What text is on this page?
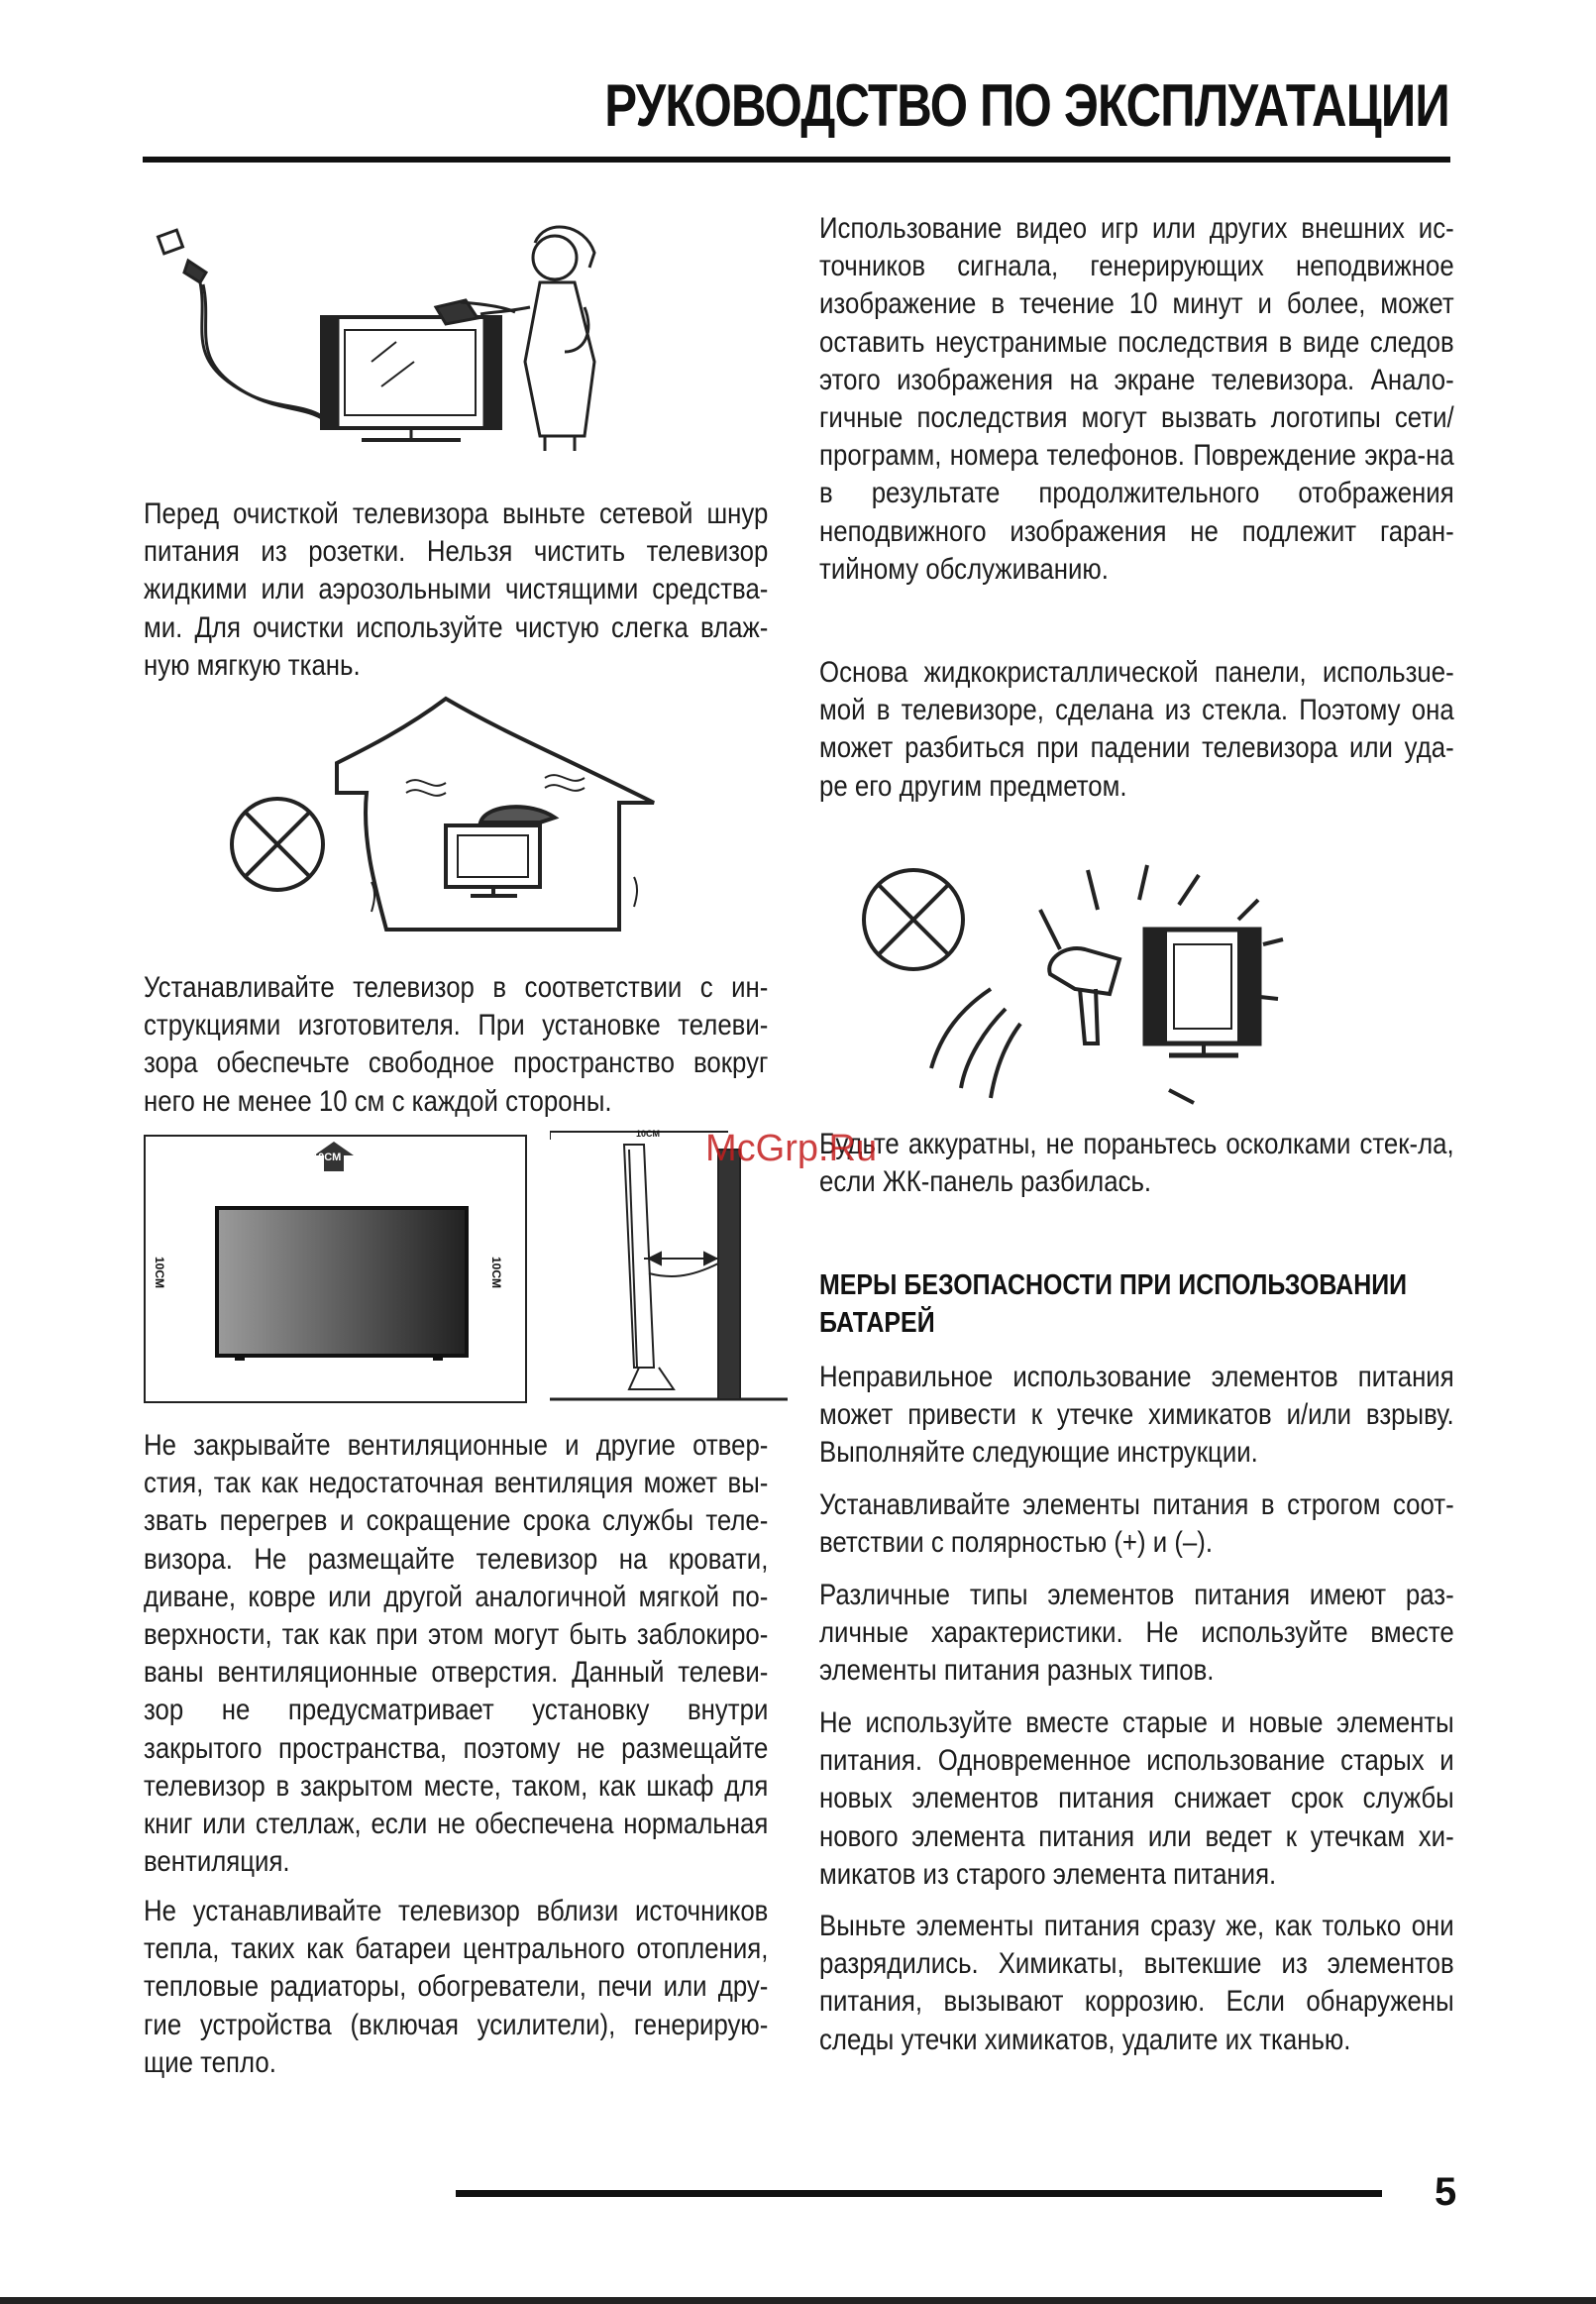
РУКОВОДСТВО ПО ЭКСПЛУАТАЦИИ

Перед очисткой телевизора выньте сетевой шнур питания из розетки. Нельзя чистить телевизор жидкими или аэрозольными чистящими средства-ми. Для очистки используйте чистую слегка влаж-ную мягкую ткань.

Устанавливайте телевизор в соответствии с ин-струкциями изготовителя. При установке телеви-зора обеспечьте свободное пространство вокруг него не менее 10 см с каждой стороны.

10CM
10CM	10CM
10CM

Не закрывайте вентиляционные и другие отвер-стия, так как недостаточная вентиляция может вы-звать перегрев и сокращение срока службы теле-визора. Не размещайте телевизор на кровати, диване, ковре или другой аналогичной мягкой по-верхности, так как при этом могут быть заблокиро-ваны вентиляционные отверстия. Данный телеви-зор не предусматривает установку внутри закрытого пространства, поэтому не размещайте телевизор в закрытом месте, таком, как шкаф для книг или стеллаж, если не обеспечена нормальная вентиляция.

Не устанавливайте телевизор вблизи источников тепла, таких как батареи центрального отопления, тепловые радиаторы, обогреватели, печи или дру-гие устройства (включая усилители), генерирую-щие тепло.

Использование видео игр или других внешних ис-точников сигнала, генерирующих неподвижное изображение в течение 10 минут и более, может оставить неустранимые последствия в виде следов этого изображения на экране телевизора. Анало-гичные последствия могут вызвать логотипы сети/ программ, номера телефонов. Повреждение экра-на в результате продолжительного отображения неподвижного изображения не подлежит гаран-тийному обслуживанию.

Основа жидкокристаллической панели, использue-мой в телевизоре, сделана из стекла. Поэтому она может разбиться при падении телевизора или уда-ре его другим предметом.

Будьте аккуратны, не пораньтесь осколками стек-ла, если ЖК-панель разбилась.

МЕРЫ БЕЗОПАСНОСТИ ПРИ ИСПОЛЬЗОВАНИИ БАТАРЕЙ

Неправильное использование элементов питания может привести к утечке химикатов и/или взрыву. Выполняйте следующие инструкции.

Устанавливайте элементы питания в строгом соот-ветствии с полярностью (+) и (–).

Различные типы элементов питания имеют раз-личные характеристики. Не используйте вместе элементы питания разных типов.

Не используйте вместе старые и новые элементы питания. Одновременное использование старых и новых элементов питания снижает срок службы нового элемента питания или ведет к утечкам хи-микатов из старого элемента питания.

Выньте элементы питания сразу же, как только они разрядились. Химикаты, вытекшие из элементов питания, вызывают коррозию. Если обнаружены следы утечки химикатов, удалите их тканью.

McGrp.Ru
5
